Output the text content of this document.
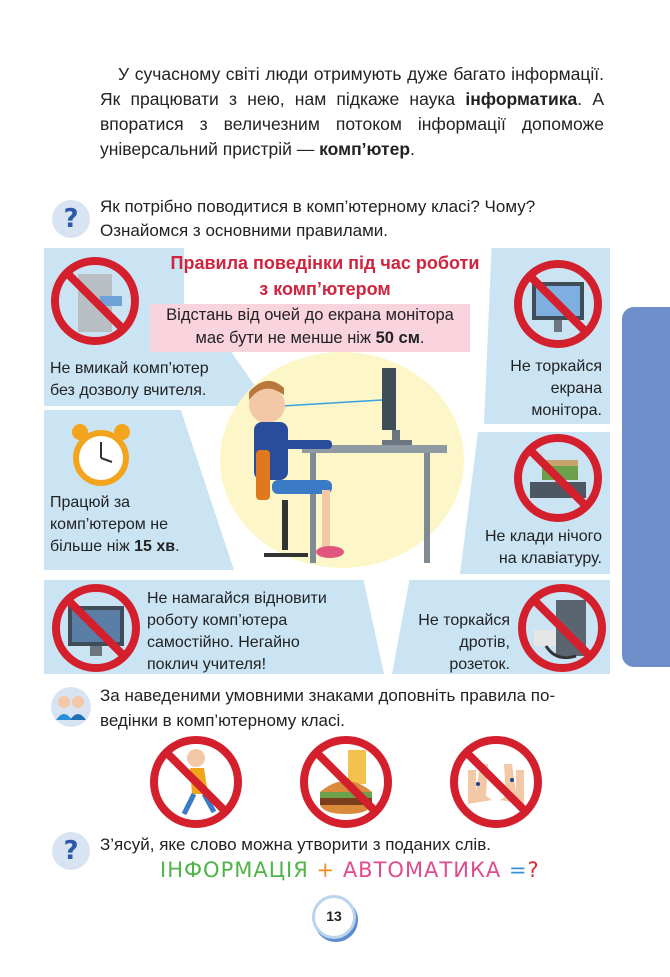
У сучасному світі люди отримують дуже багато інформації. Як працювати з нею, нам підкаже наука інформатика. А впоратися з величезним потоком інформації допоможе універсальний пристрій — комп’ютер.

? Як потрібно поводитися в комп’ютерному класі? Чому?
Ознайомся з основними правилами.
Правила поведінки під час роботи
з комп’ютером
Відстань від очей до екрана монітора
має бути не менше ніж 50 см.
Не вмикай комп’ютер
без дозволу вчителя.
Не торкайся
екрана
монітора.
Працюй за
комп’ютером не
більше ніж 15 хв.
Не клади нічого
на клавіатуру.
Не намагайся відновити
роботу комп’ютера
самостійно. Негайно
поклич учителя!
Не торкайся
дротів,
розеток.
За наведеними умовними знаками доповніть правила по-
ведінки в комп’ютерному класі.
? З’ясуй, яке слово можна утворити з поданих слів.
ІНФОРМАЦІЯ + АВТОМАТИКА =?
13
